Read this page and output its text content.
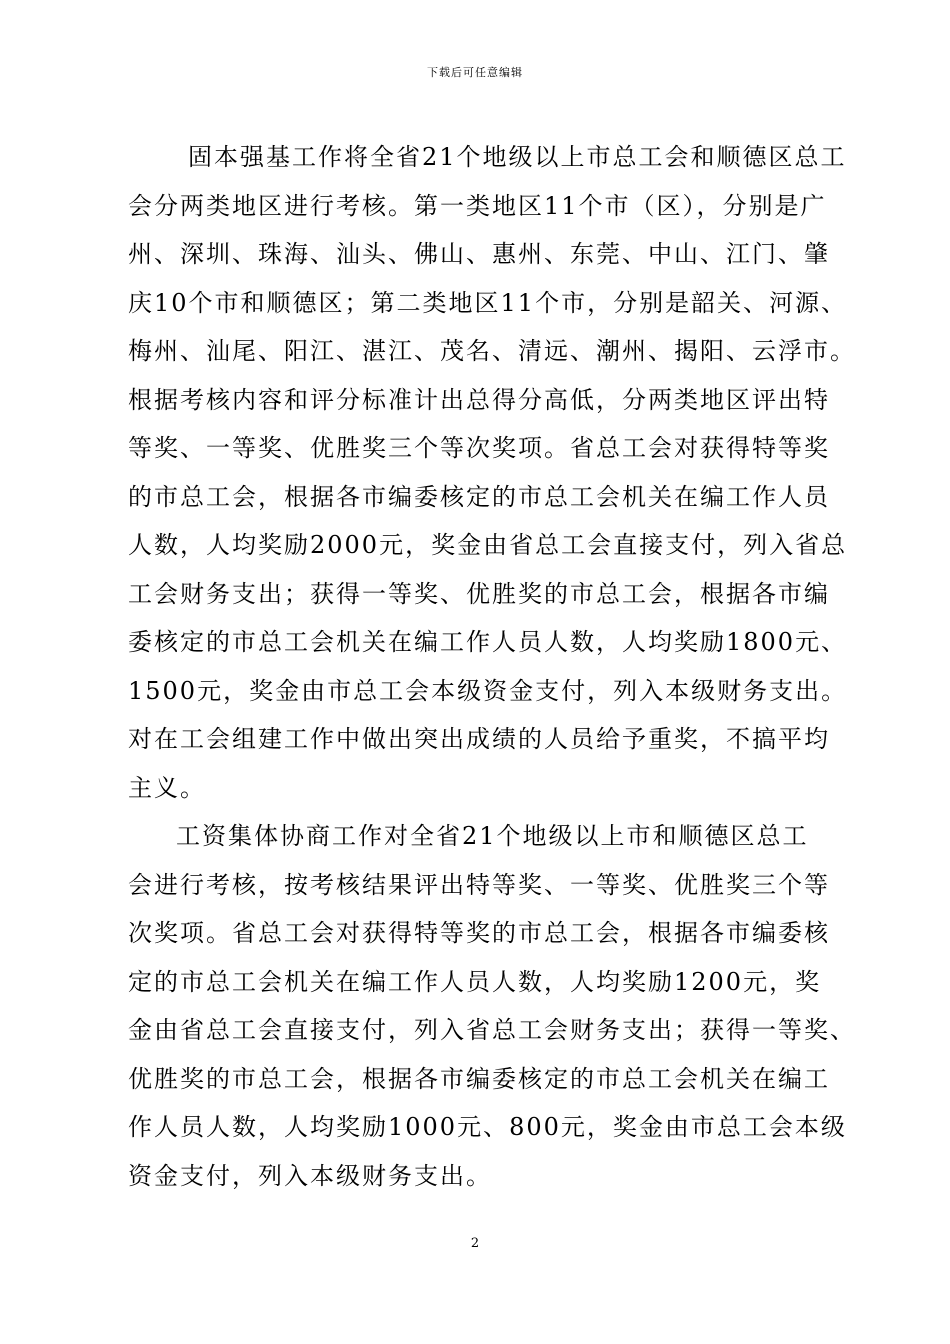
下载后可任意编辑
固本强基工作将全省21个地级以上市总工会和顺德区总工
会分两类地区进行考核。第一类地区11个市（区），分别是广
州、深圳、珠海、汕头、佛山、惠州、东莞、中山、江门、肇
庆10个市和顺德区；第二类地区11个市，分别是韶关、河源、
梅州、汕尾、阳江、湛江、茂名、清远、潮州、揭阳、云浮市。
根据考核内容和评分标准计出总得分高低，分两类地区评出特
等奖、一等奖、优胜奖三个等次奖项。省总工会对获得特等奖
的市总工会，根据各市编委核定的市总工会机关在编工作人员
人数，人均奖励2000元，奖金由省总工会直接支付，列入省总
工会财务支出；获得一等奖、优胜奖的市总工会，根据各市编
委核定的市总工会机关在编工作人员人数，人均奖励1800元、
1500元，奖金由市总工会本级资金支付，列入本级财务支出。
对在工会组建工作中做出突出成绩的人员给予重奖，不搞平均
主义。
工资集体协商工作对全省21个地级以上市和顺德区总工
会进行考核，按考核结果评出特等奖、一等奖、优胜奖三个等
次奖项。省总工会对获得特等奖的市总工会，根据各市编委核
定的市总工会机关在编工作人员人数，人均奖励1200元，奖
金由省总工会直接支付，列入省总工会财务支出；获得一等奖、
优胜奖的市总工会，根据各市编委核定的市总工会机关在编工
作人员人数，人均奖励1000元、800元，奖金由市总工会本级
资金支付，列入本级财务支出。
2
